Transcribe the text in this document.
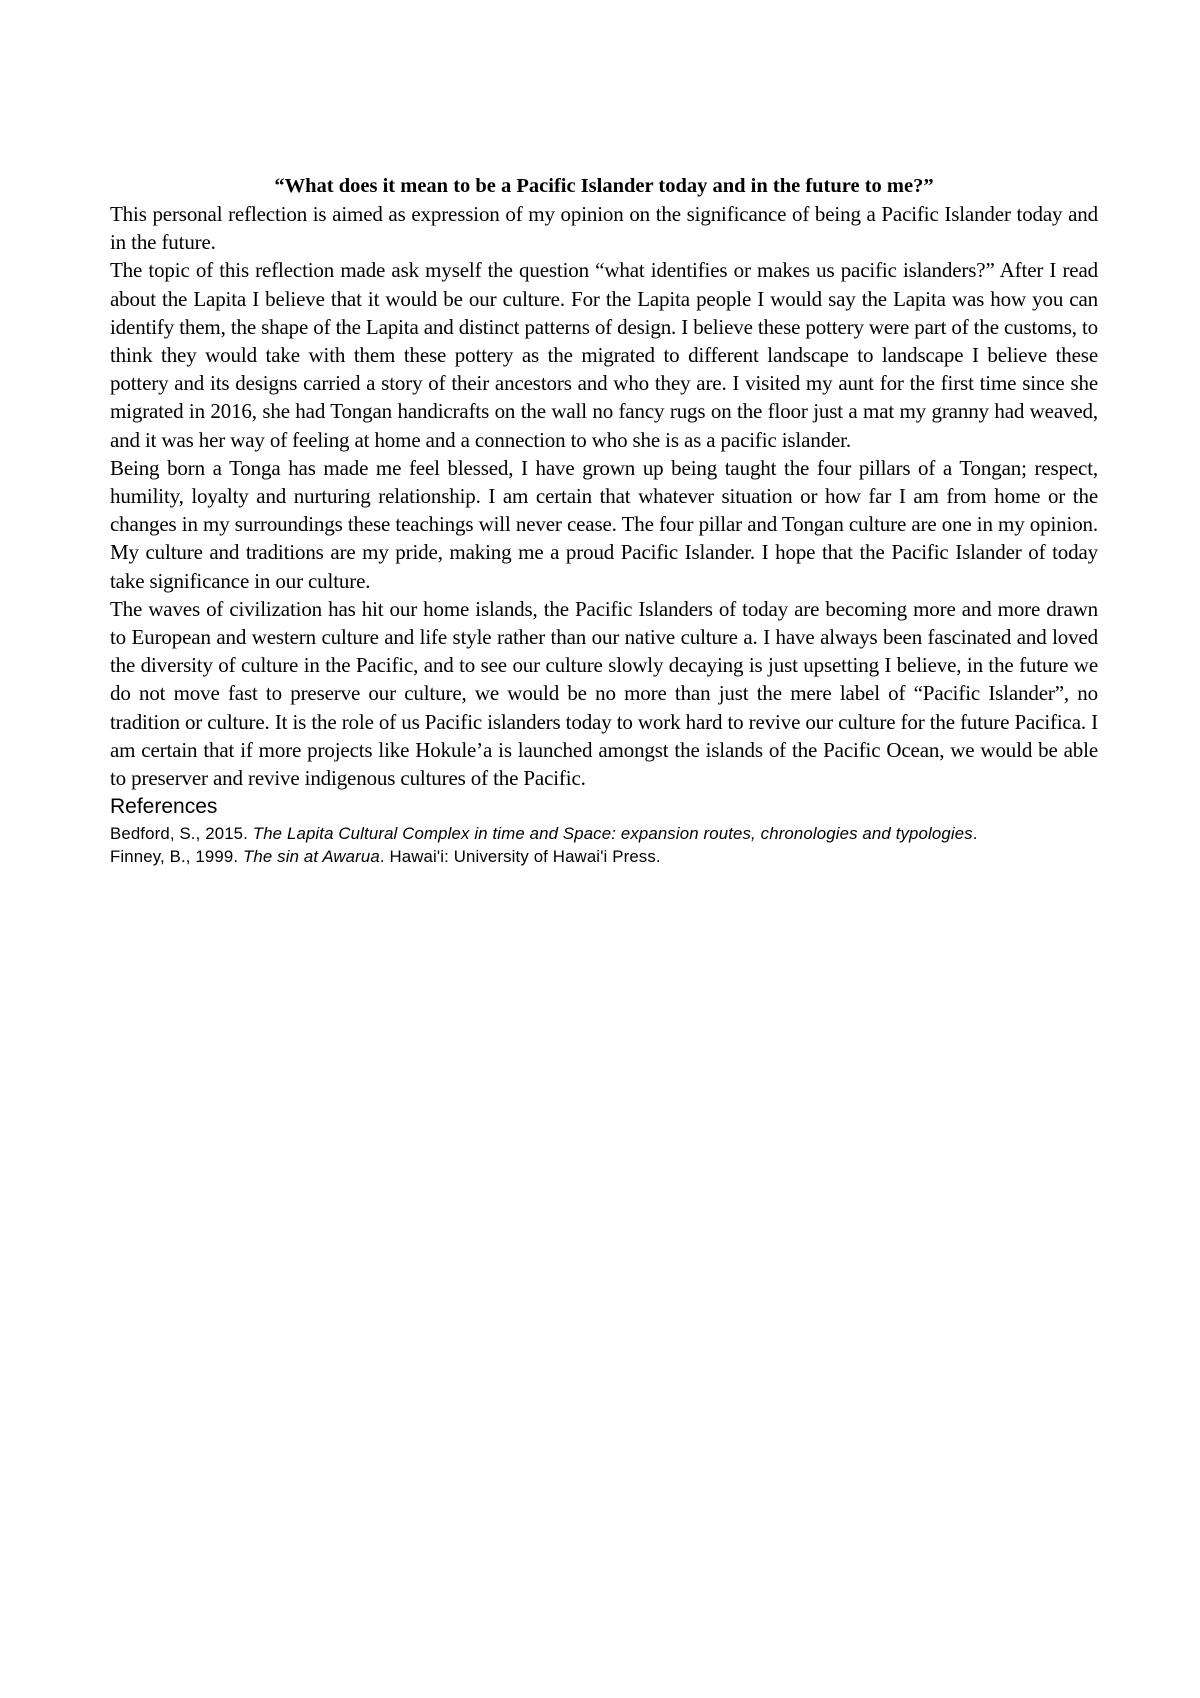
“What does it mean to be a Pacific Islander today and in the future to me?”

This personal reflection is aimed as expression of my opinion on the significance of being a Pacific Islander today and in the future.

The topic of this reflection made ask myself the question “what identifies or makes us pacific islanders?” After I read about the Lapita I believe that it would be our culture. For the Lapita people I would say the Lapita was how you can identify them, the shape of the Lapita and distinct patterns of design. I believe these pottery were part of the customs, to think they would take with them these pottery as the migrated to different landscape to landscape I believe these pottery and its designs carried a story of their ancestors and who they are. I visited my aunt for the first time since she migrated in 2016, she had Tongan handicrafts on the wall no fancy rugs on the floor just a mat my granny had weaved, and it was her way of feeling at home and a connection to who she is as a pacific islander.

Being born a Tonga has made me feel blessed, I have grown up being taught the four pillars of a Tongan; respect, humility, loyalty and nurturing relationship. I am certain that whatever situation or how far I am from home or the changes in my surroundings these teachings will never cease. The four pillar and Tongan culture are one in my opinion. My culture and traditions are my pride, making me a proud Pacific Islander. I hope that the Pacific Islander of today take significance in our culture.

The waves of civilization has hit our home islands, the Pacific Islanders of today are becoming more and more drawn to European and western culture and life style rather than our native culture a. I have always been fascinated and loved the diversity of culture in the Pacific, and to see our culture slowly decaying is just upsetting I believe, in the future we do not move fast to preserve our culture, we would be no more than just the mere label of “Pacific Islander”, no tradition or culture. It is the role of us Pacific islanders today to work hard to revive our culture for the future Pacifica. I am certain that if more projects like Hokule’a is launched amongst the islands of the Pacific Ocean, we would be able to preserver and revive indigenous cultures of the Pacific.

References

Bedford, S., 2015. The Lapita Cultural Complex in time and Space: expansion routes, chronologies and typologies.

Finney, B., 1999. The sin at Awarua. Hawai'i: University of Hawai'i Press.
